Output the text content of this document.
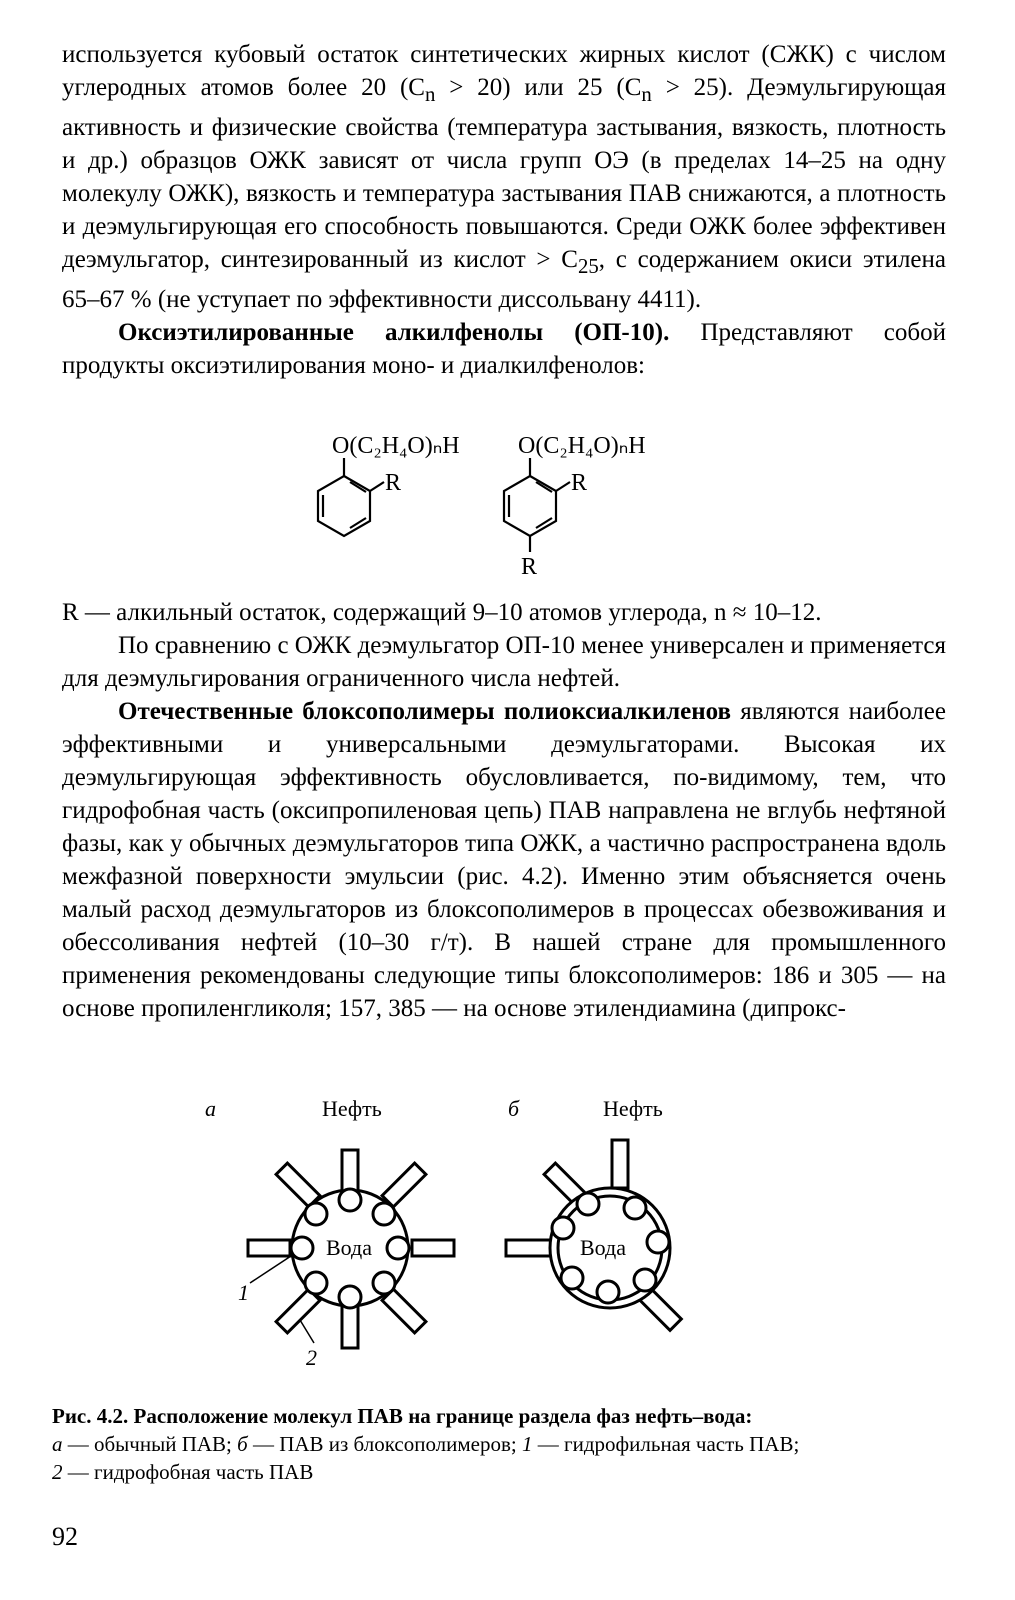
используется кубовый остаток синтетических жирных кислот (СЖК) с числом углеродных атомов более 20 $(C_n > 20)$ или 25 $(C_n > 25)$. Деэмульгирующая активность и физические свойства (температура застывания, вязкость, плотность и др.) образцов ОЖК зависят от числа групп ОЭ (в пределах 14–25 на одну молекулу ОЖК), вязкость и температура застывания ПАВ снижаются, а плотность и деэмульгирующая его способность повышаются. Среди ОЖК более эффективен деэмульгатор, синтезированный из кислот > $C_{25}$, с содержанием окиси этилена 65–67 % (не уступает по эффективности диссольвану 4411).

Оксиэтилированные алкилфенолы (ОП-10). Представляют собой продукты оксиэтилирования моно- и диалкилфенолов:

O(C₂H₄O)ₙH O(C₂H₄O)ₙH
R	R
R

R — алкильный остаток, содержащий 9–10 атомов углерода, n ≈ 10–12.

По сравнению с ОЖК деэмульгатор ОП-10 менее универсален и применяется для деэмульгирования ограниченного числа нефтей.

Отечественные блоксополимеры полиоксиалкиленов являются наиболее эффективными и универсальными деэмульгаторами. Высокая их деэмульгирующая эффективность обусловливается, по-видимому, тем, что гидрофобная часть (оксипропиленовая цепь) ПАВ направлена не вглубь нефтяной фазы, как у обычных деэмульгаторов типа ОЖК, а частично распространена вдоль межфазной поверхности эмульсии (рис. 4.2). Именно этим объясняется очень малый расход деэмульгаторов из блоксополимеров в процессах обезвоживания и обессоливания нефтей (10–30 г/т). В нашей стране для промышленного применения рекомендованы следующие типы блоксополимеров: 186 и 305 — на основе пропиленгликоля; 157, 385 — на основе этилендиамина (дипрокс-

а	Нефть	б	Нефть
Вода
1
2
Вода

Рис. 4.2. Расположение молекул ПАВ на границе раздела фаз нефть–вода:
а — обычный ПАВ; б — ПАВ из блоксополимеров; 1 — гидрофильная часть ПАВ;
2 — гидрофобная часть ПАВ

92
